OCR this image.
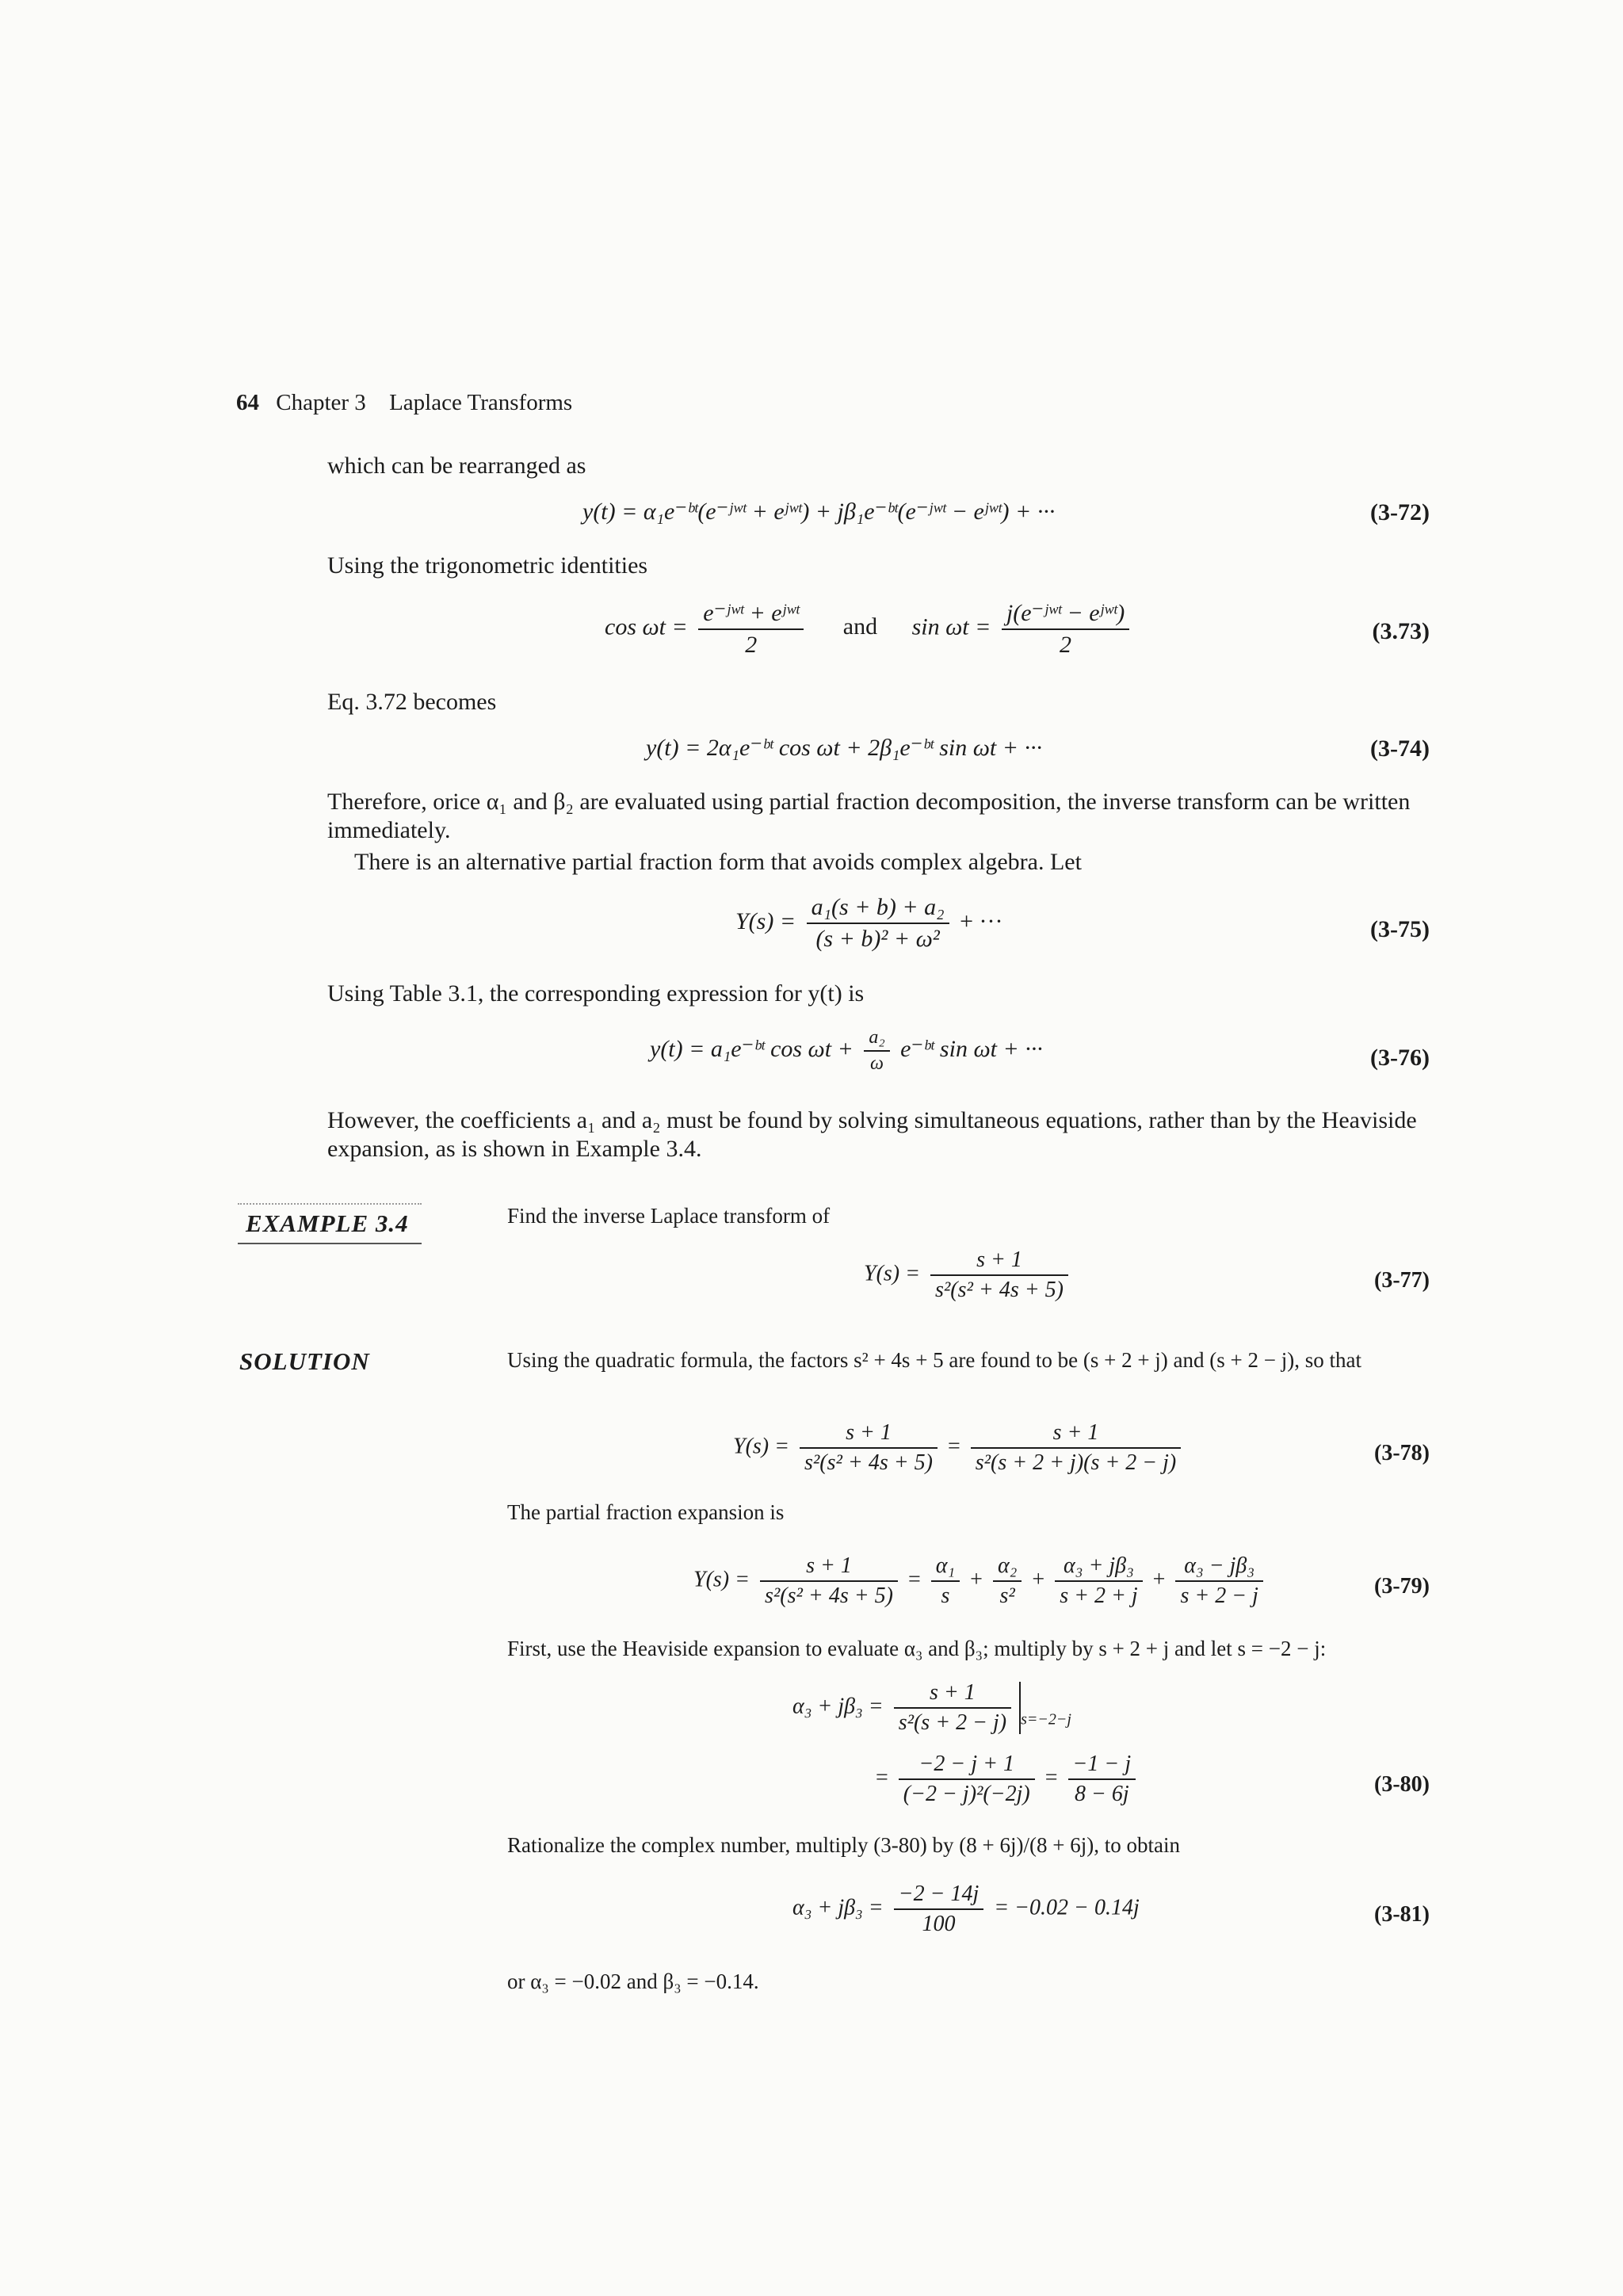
64 Chapter 3 Laplace Transforms
which can be rearranged as
y(t) = α₁e⁻ᵇᵗ(e⁻ʲʷᵗ + eʲʷᵗ) + jβ₁e⁻ᵇᵗ(e⁻ʲʷᵗ − eʲʷᵗ) + ···	(3-72)
Using the trigonometric identities
$\cos \omega t = \frac{\text{e⁻ʲʷᵗ + eʲʷᵗ}}{2}$ and $\sin \omega t = \frac{\text{j(e⁻ʲʷᵗ − eʲʷᵗ)}}{2}$	(3.73)
Eq. 3.72 becomes
y(t) = 2α₁e⁻ᵇᵗ cos ωt + 2β₁e⁻ᵇᵗ sin ωt + ···	(3-74)
Therefore, orice α₁ and β₂ are evaluated using partial fraction decomposition, the inverse transform can be written immediately.
There is an alternative partial fraction form that avoids complex algebra. Let
$Y(s) = \frac{\text{a₁(s + b) + a₂}}{\text{(s + b)² + ω²}}$ + ···	(3-75)
Using Table 3.1, the corresponding expression for y(t) is
y(t) = a₁e⁻ᵇᵗ $\cos \omega t + \frac{\text{a₂}}{\omega}$ e⁻ᵇᵗ sin ωt + ···	(3-76)
However, the coefficients a₁ and a₂ must be found by solving simultaneous equations, rather than by the Heaviside expansion, as is shown in Example 3.4.
EXAMPLE 3.4	Find the inverse Laplace transform of
$Y(s) = \frac{s + 1}{\text{s²(s² + 4s + 5)}}$	(3-77)
SOLUTION	Using the quadratic formula, the factors s² + 4s + 5 are found to be (s + 2 + j) and (s + 2 − j), so that
$Y(s) = \frac{s + 1}{\text{s²(s² + 4s + 5)}} = \frac{s + 1}{\text{s²(s + 2 + j)(s + 2 − j)}}$	(3-78)
The partial fraction expansion is
$Y(s) = \frac{s + 1}{\text{s²(s² + 4s + 5)}} = \frac{\text{α₁}}{s} + \frac{\text{α₂}}{\text{s²}} + \frac{\text{α₃ + jβ₃}}{s + 2 + j} + \frac{\text{α₃ − jβ₃}}{s + 2 - j}$	(3-79)
First, use the Heaviside expansion to evaluate α₃ and β₃; multiply by s + 2 + j and let s = −2 − j:
$\alpha_3 + j\beta_3 = \frac{s + 1}{\text{s²(s + 2 − j)}} _{s=-2-j}$
= $\frac{-2 - j + 1}{\text{(−2 − j)²(−2j)}} = \frac{-1 - j}{8 - 6j}$	(3-80)
Rationalize the complex number, multiply (3-80) by (8 + 6j)/(8 + 6j), to obtain
$\alpha_3 + j\beta_3 = \frac{-2 - 14j}{100} = -0.02 - 0.14j$	(3-81)
or α₃ = −0.02 and β₃ = −0.14.
